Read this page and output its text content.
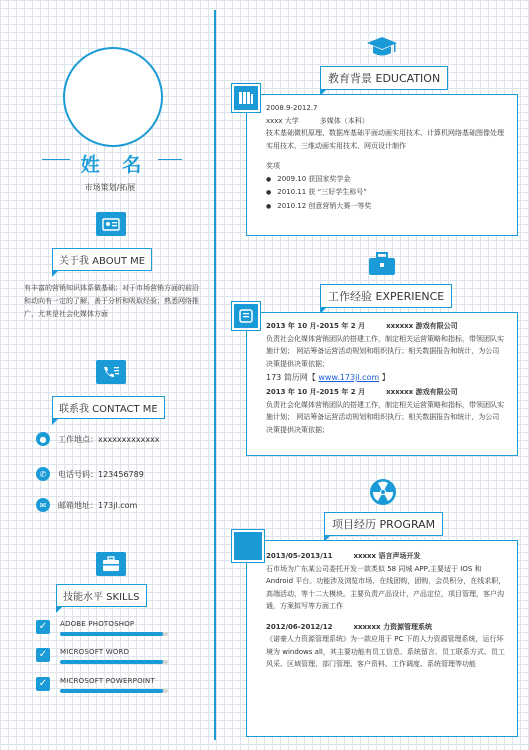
姓 名
市场策划/拓展
关于我 ABOUT ME
有丰富的营销知识体系做基础；对于市场营销方面的前沿和动向有一定的了解，善于分析和吸取经验；熟悉网络推广，尤其是社会化媒体方面
联系我 CONTACT ME
●	工作地点：xxxxxxxxxxxxx
✆	电话号码：123456789
✉	邮箱地址：173jl.com
技能水平 SKILLS
✓	ADOBE PHOTOSHOP
✓	MICROSOFT WORD
✓	MICROSOFT POWERPOINT
教育背景 EDUCATION
2008.9-2012.7
xxxx 大学　　　多媒体（本科）
技术基础微机原理、数据库基础平面动画实用技术、计算机网络基础图像处理实用技术、三维动画实用技术、网页设计制作
奖项
● 2009.10 获国家奖学金
● 2010.11 获 “三好学生称号”
● 2010.12 创意营销大赛一等奖
工作经验 EXPERIENCE
2013 年 10 月-2015 年 2 月　　　xxxxxx 游戏有限公司
负责社会化媒体营销团队的搭建工作，制定相关运营策略和指标，带领团队实施计划； 网站筹备运营活动规划和组织执行；相关数据报告和统计，为公司决策提供决策依据；
173 简历网【 www.173jl.com 】
2013 年 10 月-2015 年 2 月　　　xxxxxx 游戏有限公司
负责社会化媒体营销团队的搭建工作，制定相关运营策略和指标，带领团队实施计划； 网站筹备运营活动规划和组织执行；相关数据报告和统计，为公司决策提供决策依据；
项目经历 PROGRAM
2013/05-2013/11　　　xxxxx 语言声场开发
石市场为广东某公司委托开发一款类似 58 同城 APP,主要适于 IOS 和 Android 平台。功能涉及浏览市场，在线团购，团购，会员积分，在线求职，高端活动，等十二大模块。主要负责产品设计，产品定位，项目管理，客户沟通，方案拟写等方面工作
2012/06-2012/12　　　xxxxxx 力资源管理系统
《诺豪人力资源管理系统》为一款应用于 PC 下的人力资源管理系统，运行环境为 windows all，其主要功能有员工信息、系统留言、员工联系方式、员工风采、区域管理、部门管理、客户资料、工作调度、系统管理等功能
